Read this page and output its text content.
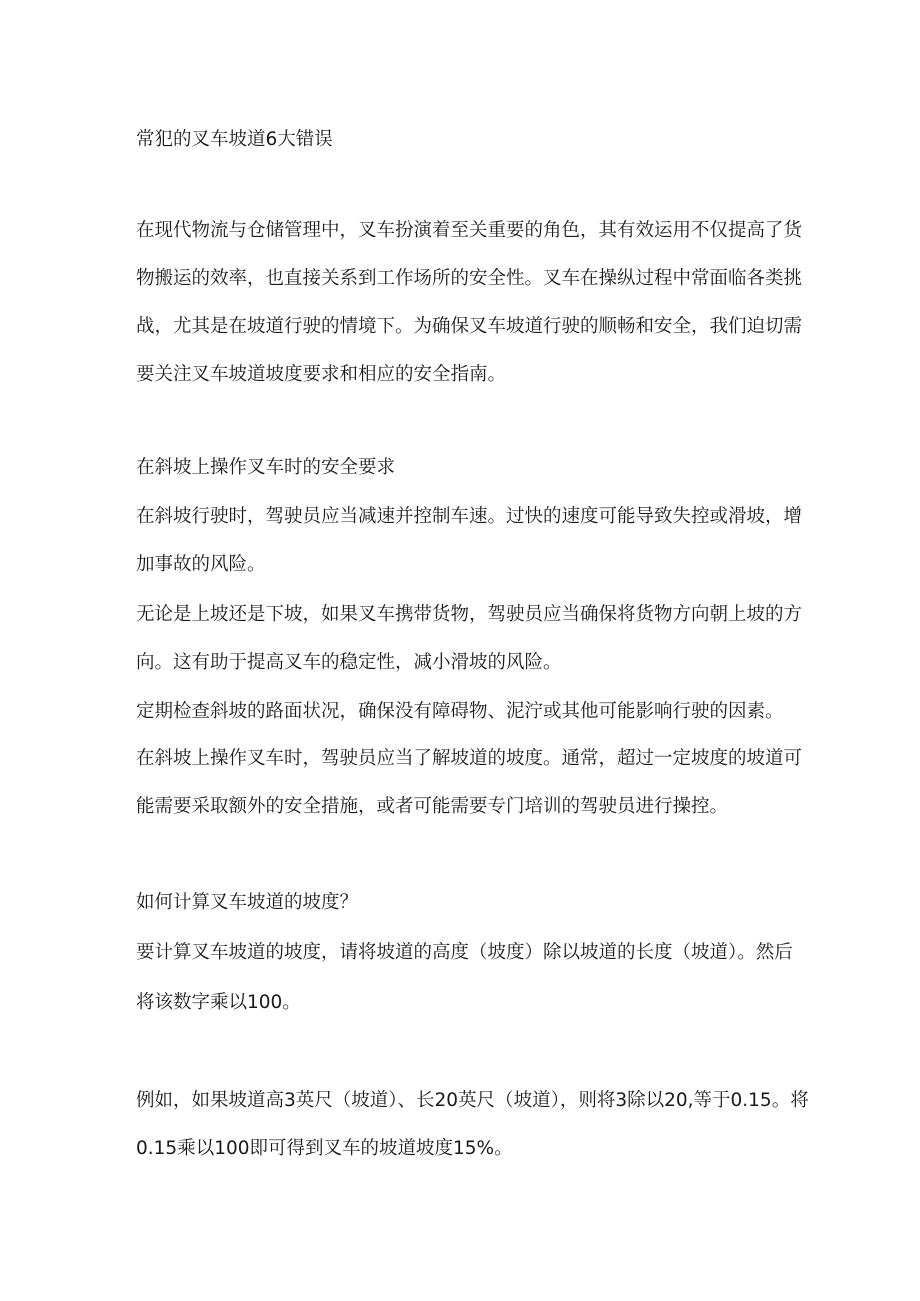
常犯的叉车坡道6大错误

在现代物流与仓储管理中，叉车扮演着至关重要的角色，其有效运用不仅提高了货

物搬运的效率，也直接关系到工作场所的安全性。叉车在操纵过程中常面临各类挑

战，尤其是在坡道行驶的情境下。为确保叉车坡道行驶的顺畅和安全，我们迫切需

要关注叉车坡道坡度要求和相应的安全指南。

在斜坡上操作叉车时的安全要求

在斜坡行驶时，驾驶员应当减速并控制车速。过快的速度可能导致失控或滑坡，增

加事故的风险。

无论是上坡还是下坡，如果叉车携带货物，驾驶员应当确保将货物方向朝上坡的方

向。这有助于提高叉车的稳定性，减小滑坡的风险。

定期检查斜坡的路面状况，确保没有障碍物、泥泞或其他可能影响行驶的因素。

在斜坡上操作叉车时，驾驶员应当了解坡道的坡度。通常，超过一定坡度的坡道可

能需要采取额外的安全措施，或者可能需要专门培训的驾驶员进行操控。

如何计算叉车坡道的坡度？

要计算叉车坡道的坡度，请将坡道的高度（坡度）除以坡道的长度（坡道）。然后

将该数字乘以100。

例如，如果坡道高3英尺（坡道）、长20英尺（坡道），则将3除以20,等于0.15。将

0.15乘以100即可得到叉车的坡道坡度15%。
